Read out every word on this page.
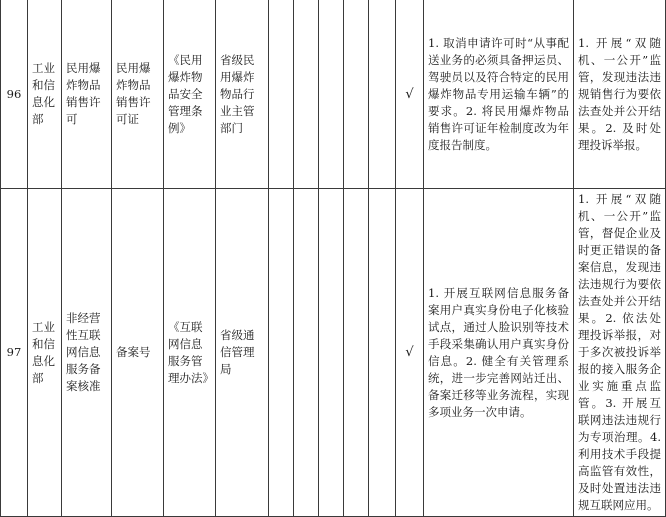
96	工业和信息化部	民用爆炸物品销售许可	民用爆炸物品销售许可证	《民用爆炸物品安全管理条例》	省级民用爆炸物品行业主管部门						√	1. 取消申请许可时“从事配送业务的必须具备押运员、驾驶员以及符合特定的民用爆炸物品专用运输车辆”的要求。2. 将民用爆炸物品销售许可证年检制度改为年度报告制度。	1. 开展“双随机、一公开”监管，发现违法违规销售行为要依法查处并公开结果。2. 及时处理投诉举报。
97	工业和信息化部	非经营性互联网信息服务备案核准	备案号	《互联网信息服务管理办法》	省级通信管理局						√	1. 开展互联网信息服务备案用户真实身份电子化核验试点，通过人脸识别等技术手段采集确认用户真实身份信息。2. 健全有关管理系统，进一步完善网站迁出、备案迁移等业务流程，实现多项业务一次申请。	1. 开展“双随机、一公开”监管，督促企业及时更正错误的备案信息，发现违法违规行为要依法查处并公开结果。2. 依法处理投诉举报，对于多次被投诉举报的接入服务企业实施重点监管。3. 开展互联网违法违规行为专项治理。4. 利用技术手段提高监管有效性，及时处置违法违规互联网应用。
